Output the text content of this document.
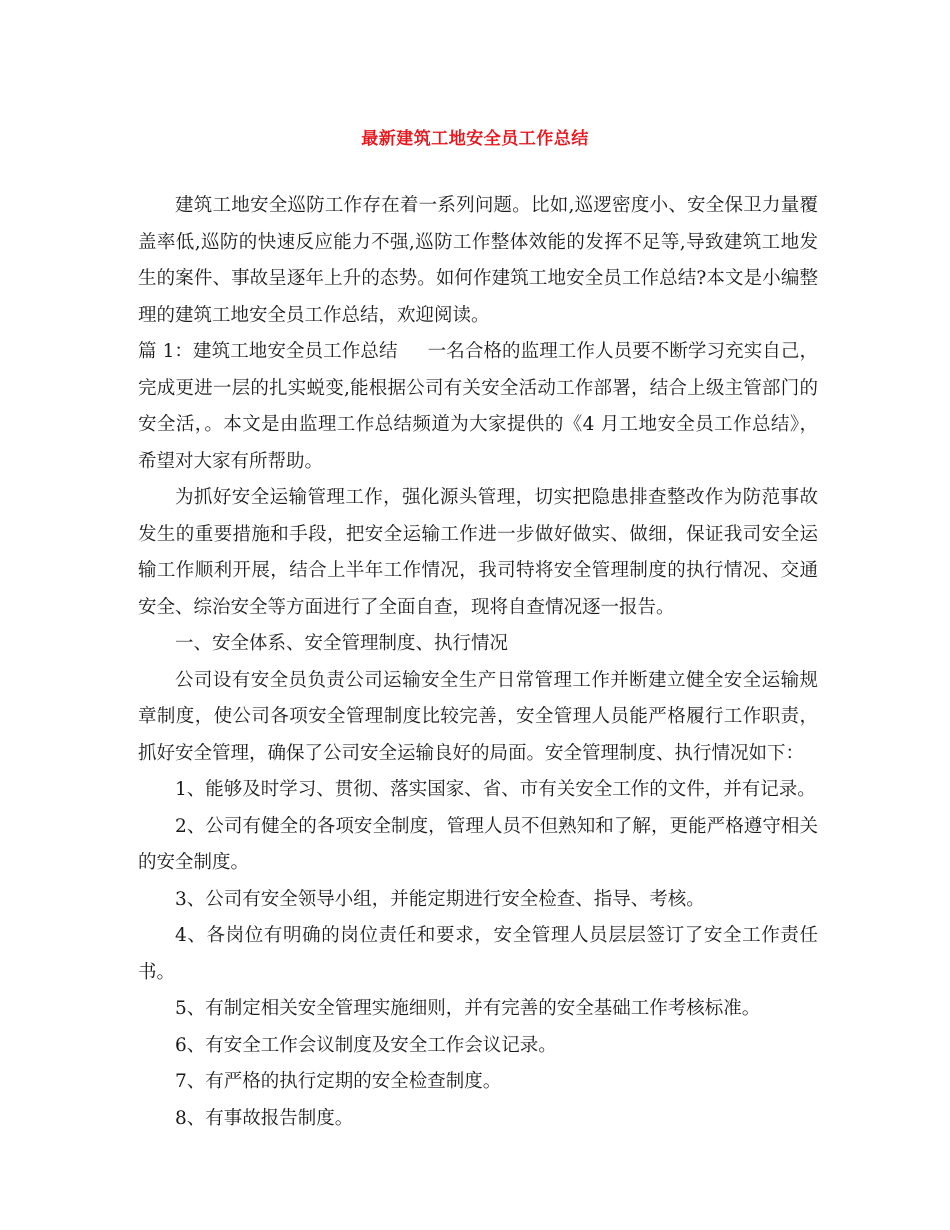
最新建筑工地安全员工作总结

建筑工地安全巡防工作存在着一系列问题。比如,巡逻密度小、安全保卫力量覆盖率低,巡防的快速反应能力不强,巡防工作整体效能的发挥不足等,导致建筑工地发生的案件、事故呈逐年上升的态势。如何作建筑工地安全员工作总结?本文是小编整理的建筑工地安全员工作总结，欢迎阅读。

篇 1：建筑工地安全员工作总结 一名合格的监理工作人员要不断学习充实自己，完成更进一层的扎实蜕变,能根据公司有关安全活动工作部署，结合上级主管部门的安全活，。本文是由监理工作总结频道为大家提供的《4 月工地安全员工作总结》，希望对大家有所帮助。

为抓好安全运输管理工作，强化源头管理，切实把隐患排查整改作为防范事故发生的重要措施和手段，把安全运输工作进一步做好做实、做细，保证我司安全运输工作顺利开展，结合上半年工作情况，我司特将安全管理制度的执行情况、交通安全、综治安全等方面进行了全面自查，现将自查情况逐一报告。

一、安全体系、安全管理制度、执行情况

公司设有安全员负责公司运输安全生产日常管理工作并断建立健全安全运输规章制度，使公司各项安全管理制度比较完善，安全管理人员能严格履行工作职责，抓好安全管理，确保了公司安全运输良好的局面。安全管理制度、执行情况如下：

1、能够及时学习、贯彻、落实国家、省、市有关安全工作的文件，并有记录。

2、公司有健全的各项安全制度，管理人员不但熟知和了解，更能严格遵守相关的安全制度。

3、公司有安全领导小组，并能定期进行安全检查、指导、考核。

4、各岗位有明确的岗位责任和要求，安全管理人员层层签订了安全工作责任书。

5、有制定相关安全管理实施细则，并有完善的安全基础工作考核标准。

6、有安全工作会议制度及安全工作会议记录。

7、有严格的执行定期的安全检查制度。

8、有事故报告制度。
